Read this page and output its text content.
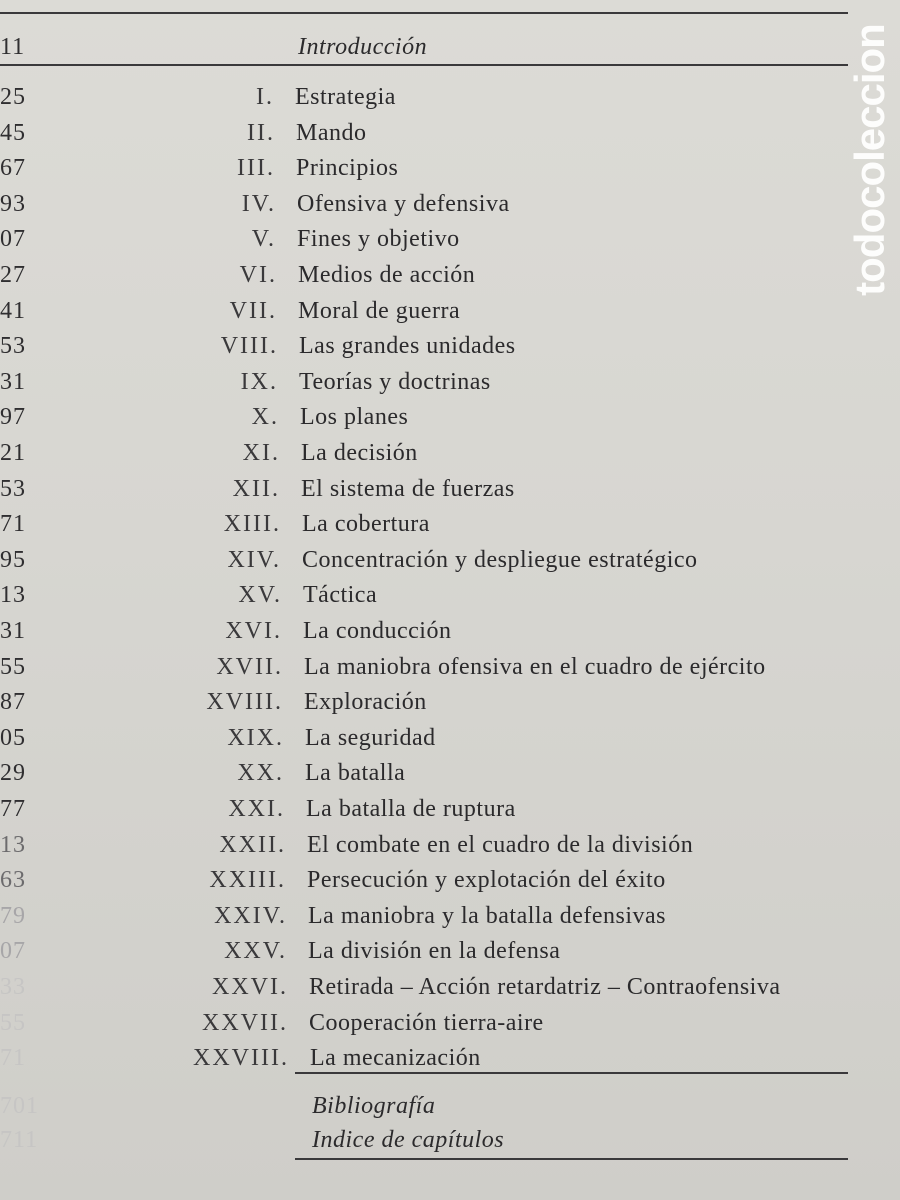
11	Introducción
25	I. Estrategia
45	II. Mando
67	III. Principios
93	IV. Ofensiva y defensiva
07	V. Fines y objetivo
27	VI. Medios de acción
41	VII. Moral de guerra
53	VIII. Las grandes unidades
31	IX. Teorías y doctrinas
97	X. Los planes
21	XI. La decisión
53	XII. El sistema de fuerzas
71	XIII. La cobertura
95	XIV. Concentración y despliegue estratégico
13	XV. Táctica
31	XVI. La conducción
55	XVII. La maniobra ofensiva en el cuadro de ejército
87	XVIII. Exploración
05	XIX. La seguridad
29	XX. La batalla
77	XXI. La batalla de ruptura
13	XXII. El combate en el cuadro de la división
63	XXIII. Persecución y explotación del éxito
79	XXIV. La maniobra y la batalla defensivas
07	XXV. La división en la defensa
33	XXVI. Retirada – Acción retardatriz – Contraofensiva
55	XXVII. Cooperación tierra-aire
71	XXVIII. La mecanización
701	Bibliografía
711	Indice de capítulos
todocoleccion
